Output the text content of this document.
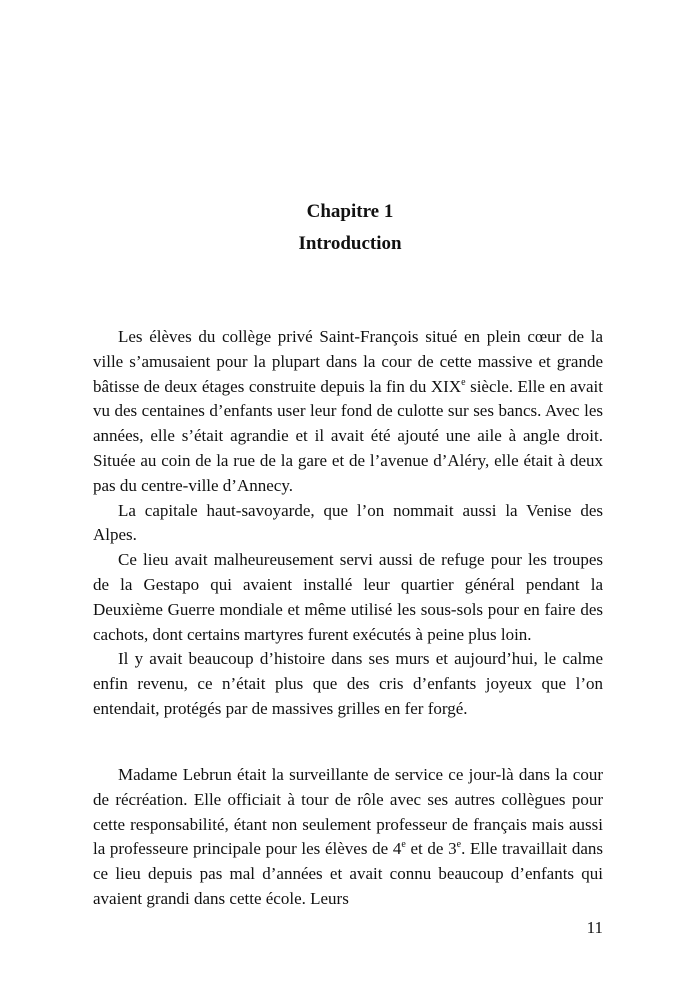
Chapitre 1
Introduction

Les élèves du collège privé Saint-François situé en plein cœur de la ville s’amusaient pour la plupart dans la cour de cette massive et grande bâtisse de deux étages construite depuis la fin du XIXe siècle. Elle en avait vu des centaines d’enfants user leur fond de culotte sur ses bancs. Avec les années, elle s’était agrandie et il avait été ajouté une aile à angle droit. Située au coin de la rue de la gare et de l’avenue d’Aléry, elle était à deux pas du centre-ville d’Annecy.

La capitale haut-savoyarde, que l’on nommait aussi la Venise des Alpes.

Ce lieu avait malheureusement servi aussi de refuge pour les troupes de la Gestapo qui avaient installé leur quartier général pendant la Deuxième Guerre mondiale et même utilisé les sous-sols pour en faire des cachots, dont certains martyres furent exécutés à peine plus loin.

Il y avait beaucoup d’histoire dans ses murs et aujourd’hui, le calme enfin revenu, ce n’était plus que des cris d’enfants joyeux que l’on entendait, protégés par de massives grilles en fer forgé.

Madame Lebrun était la surveillante de service ce jour-là dans la cour de récréation. Elle officiait à tour de rôle avec ses autres collègues pour cette responsabilité, étant non seulement professeur de français mais aussi la professeure principale pour les élèves de 4e et de 3e. Elle travaillait dans ce lieu depuis pas mal d’années et avait connu beaucoup d’enfants qui avaient grandi dans cette école. Leurs

11
